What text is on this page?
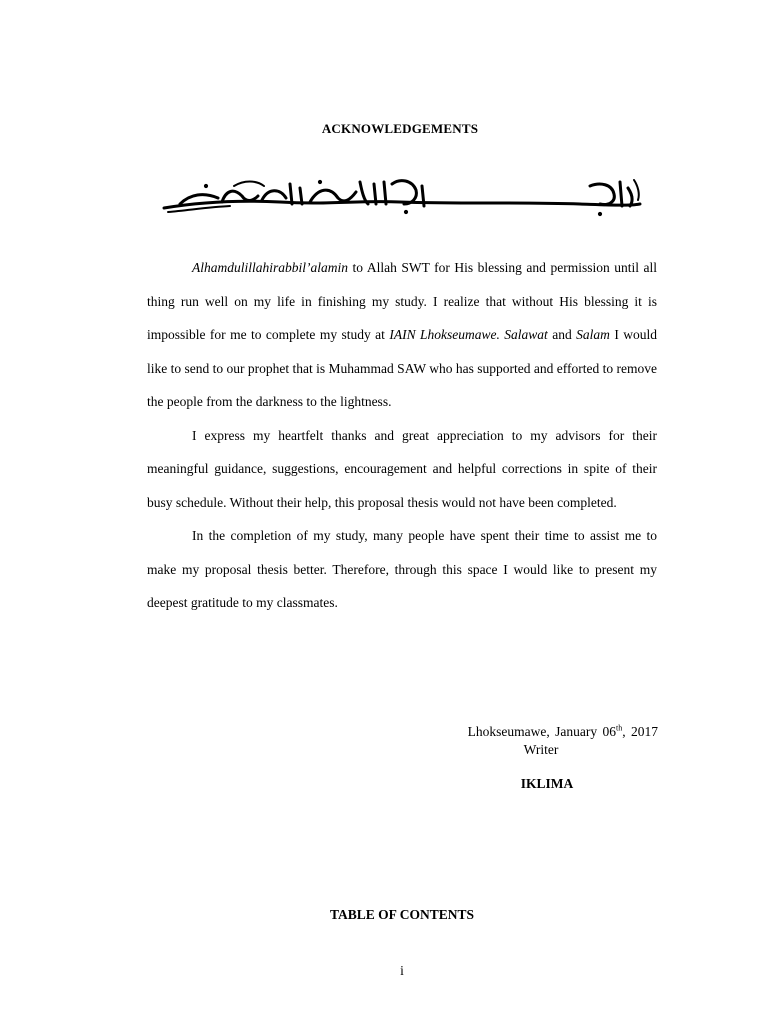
ACKNOWLEDGEMENTS

Alhamdulillahirabbil’alamin to Allah SWT for His blessing and permission until all thing run well on my life in finishing my study. I realize that without His blessing it is impossible for me to complete my study at IAIN Lhokseumawe. Salawat and Salam I would like to send to our prophet that is Muhammad SAW who has supported and efforted to remove the people from the darkness to the lightness.

I express my heartfelt thanks and great appreciation to my advisors for their meaningful guidance, suggestions, encouragement and helpful corrections in spite of their busy schedule. Without their help, this proposal thesis would not have been completed.

In the completion of my study, many people have spent their time to assist me to make my proposal thesis better. Therefore, through this space I would like to present my deepest gratitude to my classmates.

Lhokseumawe, January 06th, 2017
Writer
IKLIMA
TABLE OF CONTENTS
i
